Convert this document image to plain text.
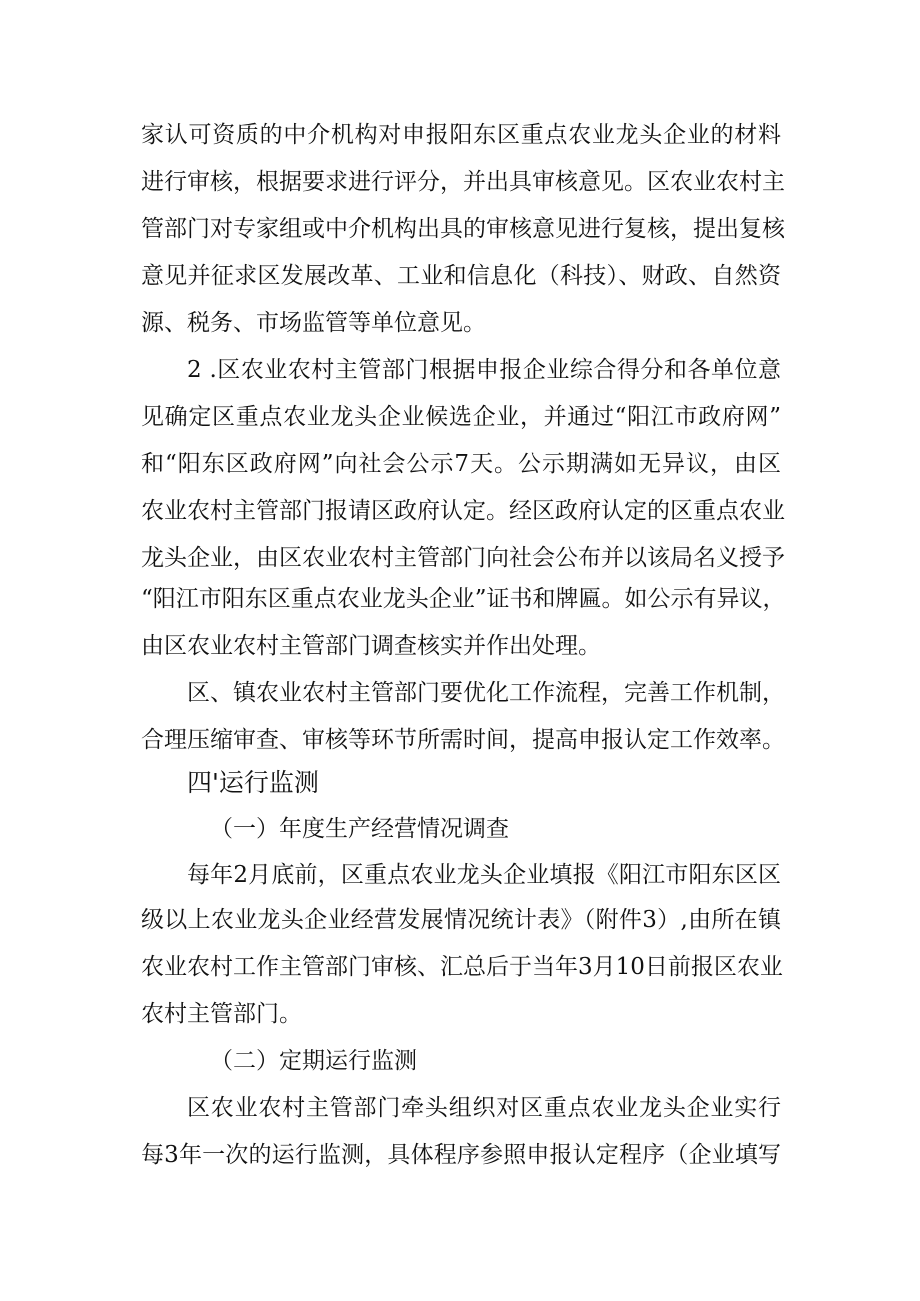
家认可资质的中介机构对申报阳东区重点农业龙头企业的材料
进行审核，根据要求进行评分，并出具审核意见。区农业农村主
管部门对专家组或中介机构出具的审核意见进行复核，提出复核
意见并征求区发展改革、工业和信息化（科技）、财政、自然资
源、税务、市场监管等单位意见。
2 .区农业农村主管部门根据申报企业综合得分和各单位意
见确定区重点农业龙头企业候选企业，并通过“阳江市政府网”
和“阳东区政府网”向社会公示7天。公示期满如无异议，由区
农业农村主管部门报请区政府认定。经区政府认定的区重点农业
龙头企业，由区农业农村主管部门向社会公布并以该局名义授予
“阳江市阳东区重点农业龙头企业”证书和牌匾。如公示有异议，
由区农业农村主管部门调查核实并作出处理。
区、镇农业农村主管部门要优化工作流程，完善工作机制，
合理压缩审查、审核等环节所需时间，提高申报认定工作效率。
四'运行监测
（一）年度生产经营情况调查
每年2月底前，区重点农业龙头企业填报《阳江市阳东区区
级以上农业龙头企业经营发展情况统计表》（附件3）,由所在镇
农业农村工作主管部门审核、汇总后于当年3月10日前报区农业
农村主管部门。
（二）定期运行监测
区农业农村主管部门牵头组织对区重点农业龙头企业实行
每3年一次的运行监测，具体程序参照申报认定程序（企业填写
